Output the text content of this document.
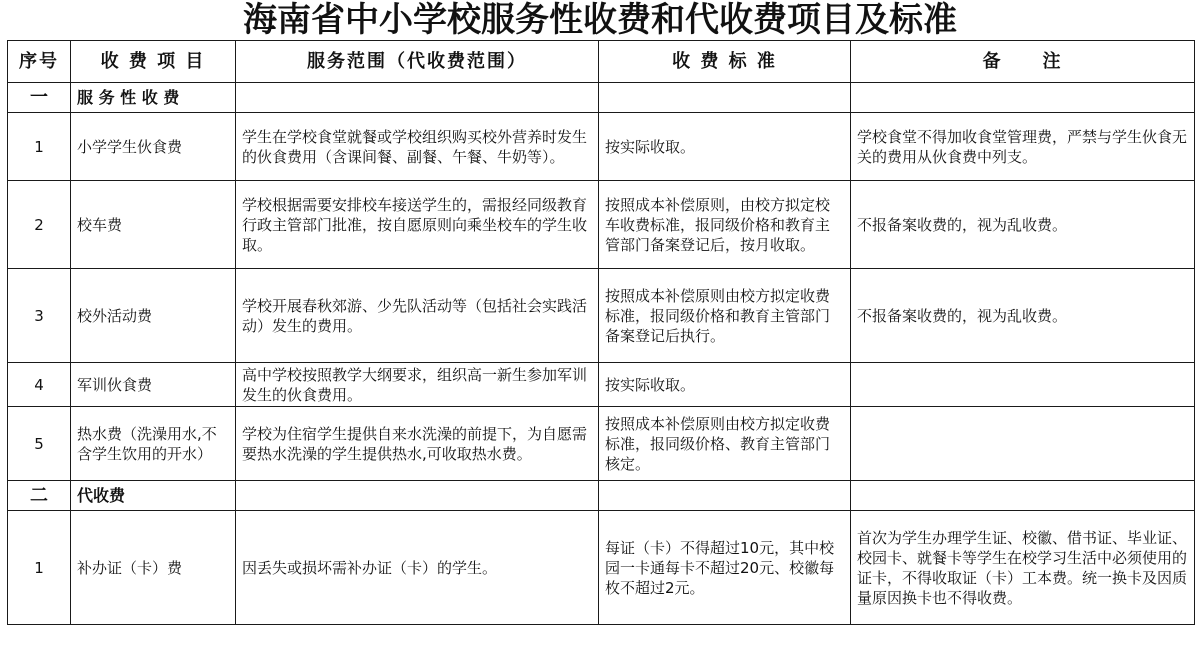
海南省中小学校服务性收费和代收费项目及标准
序号	收 费 项 目	服务范围（代收费范围）	收 费 标 准	备　　注
一	服 务 性 收 费			
1	小学学生伙食费	学生在学校食堂就餐或学校组织购买校外营养时发生的伙食费用（含课间餐、副餐、午餐、牛奶等）。	按实际收取。	学校食堂不得加收食堂管理费，严禁与学生伙食无关的费用从伙食费中列支。
2	校车费	学校根据需要安排校车接送学生的，需报经同级教育行政主管部门批准，按自愿原则向乘坐校车的学生收取。	按照成本补偿原则，由校方拟定校车收费标准，报同级价格和教育主管部门备案登记后，按月收取。	不报备案收费的，视为乱收费。
3	校外活动费	学校开展春秋郊游、少先队活动等（包括社会实践活动）发生的费用。	按照成本补偿原则由校方拟定收费标准，报同级价格和教育主管部门备案登记后执行。	不报备案收费的，视为乱收费。
4	军训伙食费	高中学校按照教学大纲要求，组织高一新生参加军训发生的伙食费用。	按实际收取。	
5	热水费（洗澡用水,不含学生饮用的开水）	学校为住宿学生提供自来水洗澡的前提下，为自愿需要热水洗澡的学生提供热水,可收取热水费。	按照成本补偿原则由校方拟定收费标准，报同级价格、教育主管部门核定。	
二	代收费			
1	补办证（卡）费	因丢失或损坏需补办证（卡）的学生。	每证（卡）不得超过10元，其中校园一卡通每卡不超过20元、校徽每枚不超过2元。	首次为学生办理学生证、校徽、借书证、毕业证、校园卡、就餐卡等学生在校学习生活中必须使用的证卡，不得收取证（卡）工本费。统一换卡及因质量原因换卡也不得收费。
